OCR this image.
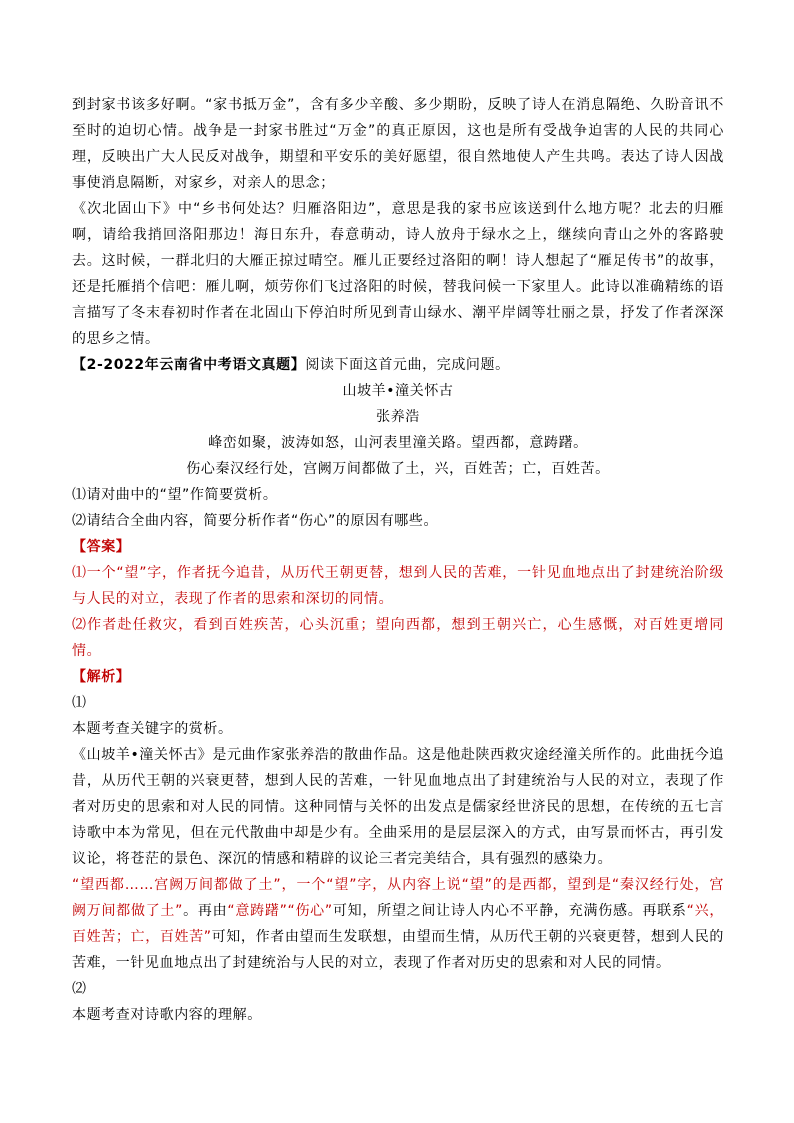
到封家书该多好啊。“家书抵万金”，含有多少辛酸、多少期盼，反映了诗人在消息隔绝、久盼音讯不至时的迫切心情。战争是一封家书胜过“万金”的真正原因，这也是所有受战争迫害的人民的共同心理，反映出广大人民反对战争，期望和平安乐的美好愿望，很自然地使人产生共鸣。表达了诗人因战事使消息隔断，对家乡，对亲人的思念；

《次北固山下》中“乡书何处达？归雁洛阳边”，意思是我的家书应该送到什么地方呢？北去的归雁啊，请给我捎回洛阳那边！海日东升，春意萌动，诗人放舟于绿水之上，继续向青山之外的客路驶去。这时候，一群北归的大雁正掠过晴空。雁儿正要经过洛阳的啊！诗人想起了“雁足传书”的故事，还是托雁捎个信吧：雁儿啊，烦劳你们飞过洛阳的时候，替我问候一下家里人。此诗以准确精练的语言描写了冬末春初时作者在北固山下停泊时所见到青山绿水、潮平岸阔等壮丽之景，抒发了作者深深的思乡之情。

【2-2022年云南省中考语文真题】阅读下面这首元曲，完成问题。

山坡羊•潼关怀古

张养浩

峰峦如聚，波涛如怒，山河表里潼关路。望西都，意踌躇。

伤心秦汉经行处，宫阙万间都做了土，兴，百姓苦；亡，百姓苦。

⑴请对曲中的“望”作简要赏析。

⑵请结合全曲内容，简要分析作者“伤心”的原因有哪些。

【答案】

⑴一个“望”字，作者抚今追昔，从历代王朝更替，想到人民的苦难，一针见血地点出了封建统治阶级与人民的对立，表现了作者的思索和深切的同情。

⑵作者赴任救灾，看到百姓疾苦，心头沉重；望向西都，想到王朝兴亡，心生感慨，对百姓更增同情。

【解析】

⑴

本题考查关键字的赏析。

《山坡羊•潼关怀古》是元曲作家张养浩的散曲作品。这是他赴陕西救灾途经潼关所作的。此曲抚今追昔，从历代王朝的兴衰更替，想到人民的苦难，一针见血地点出了封建统治与人民的对立，表现了作者对历史的思索和对人民的同情。这种同情与关怀的出发点是儒家经世济民的思想，在传统的五七言诗歌中本为常见，但在元代散曲中却是少有。全曲采用的是层层深入的方式，由写景而怀古，再引发议论，将苍茫的景色、深沉的情感和精辟的议论三者完美结合，具有强烈的感染力。

“望西都……宫阙万间都做了土”，一个“望”字，从内容上说“望”的是西都，望到是“秦汉经行处，宫阙万间都做了土”。再由“意踌躇”“伤心”可知，所望之间让诗人内心不平静，充满伤感。再联系“兴，百姓苦；亡，百姓苦”可知，作者由望而生发联想，由望而生情，从历代王朝的兴衰更替，想到人民的苦难，一针见血地点出了封建统治与人民的对立，表现了作者对历史的思索和对人民的同情。

⑵

本题考查对诗歌内容的理解。
